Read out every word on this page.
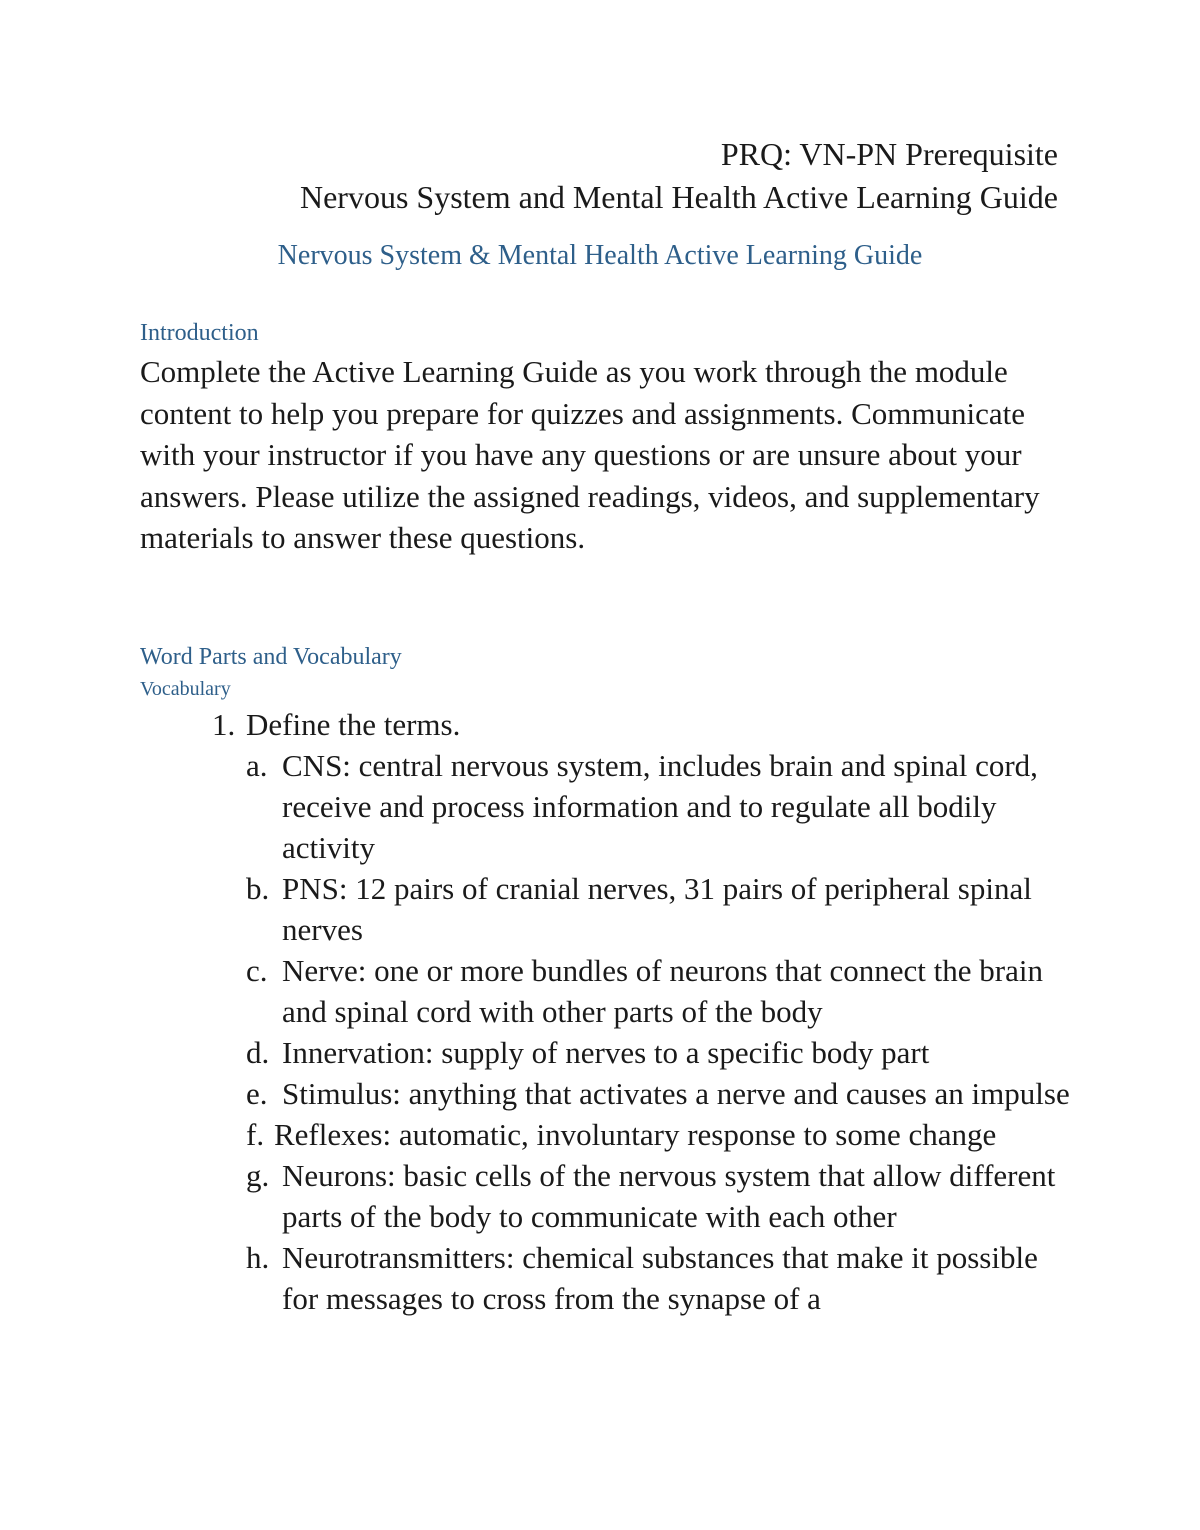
PRQ: VN-PN Prerequisite
Nervous System and Mental Health Active Learning Guide
Nervous System & Mental Health Active Learning Guide
Introduction
Complete the Active Learning Guide as you work through the module content to help you prepare for quizzes and assignments. Communicate with your instructor if you have any questions or are unsure about your answers. Please utilize the assigned readings, videos, and supplementary materials to answer these questions.
Word Parts and Vocabulary
Vocabulary
1. Define the terms.
a. CNS: central nervous system, includes brain and spinal cord, receive and process information and to regulate all bodily activity
b. PNS: 12 pairs of cranial nerves, 31 pairs of peripheral spinal nerves
c. Nerve: one or more bundles of neurons that connect the brain and spinal cord with other parts of the body
d. Innervation: supply of nerves to a specific body part
e. Stimulus: anything that activates a nerve and causes an impulse
f. Reflexes: automatic, involuntary response to some change
g. Neurons: basic cells of the nervous system that allow different parts of the body to communicate with each other
h. Neurotransmitters: chemical substances that make it possible for messages to cross from the synapse of a
